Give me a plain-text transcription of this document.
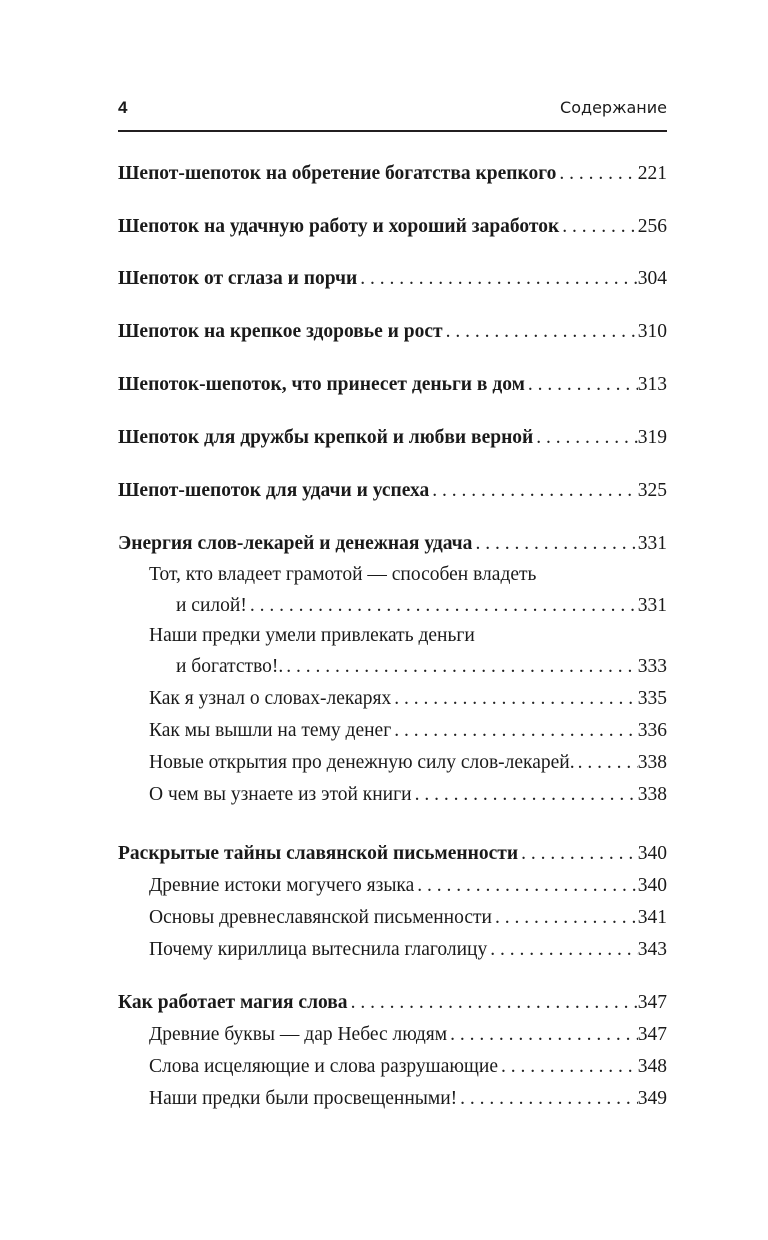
4	Содержание
Шепот-шепоток на обретение богатства крепкого . . .	221
Шепоток на удачную работу и хороший заработок . . .	256
Шепоток от сглаза и порчи . . .	304
Шепоток на крепкое здоровье и рост . . .	310
Шепоток-шепоток, что принесет деньги в дом . . .	313
Шепоток для дружбы крепкой и любви верной . . .	319
Шепот-шепоток для удачи и успеха . . .	325
Энергия слов-лекарей и денежная удача . . .	331
Тот, кто владеет грамотой — способен владеть
и силой! . . .	331
Наши предки умели привлекать деньги
и богатство!. . . .	333
Как я узнал о словах-лекарях . . .	335
Как мы вышли на тему денег . . .	336
Новые открытия про денежную силу слов-лекарей. . . .	338
О чем вы узнаете из этой книги . . .	338
Раскрытые тайны славянской письменности . . .	340
Древние истоки могучего языка . . .	340
Основы древнеславянской письменности . . .	341
Почему кириллица вытеснила глаголицу . . .	343
Как работает магия слова . . .	347
Древние буквы — дар Небес людям . . .	347
Слова исцеляющие и слова разрушающие . . .	348
Наши предки были просвещенными! . . .	349
